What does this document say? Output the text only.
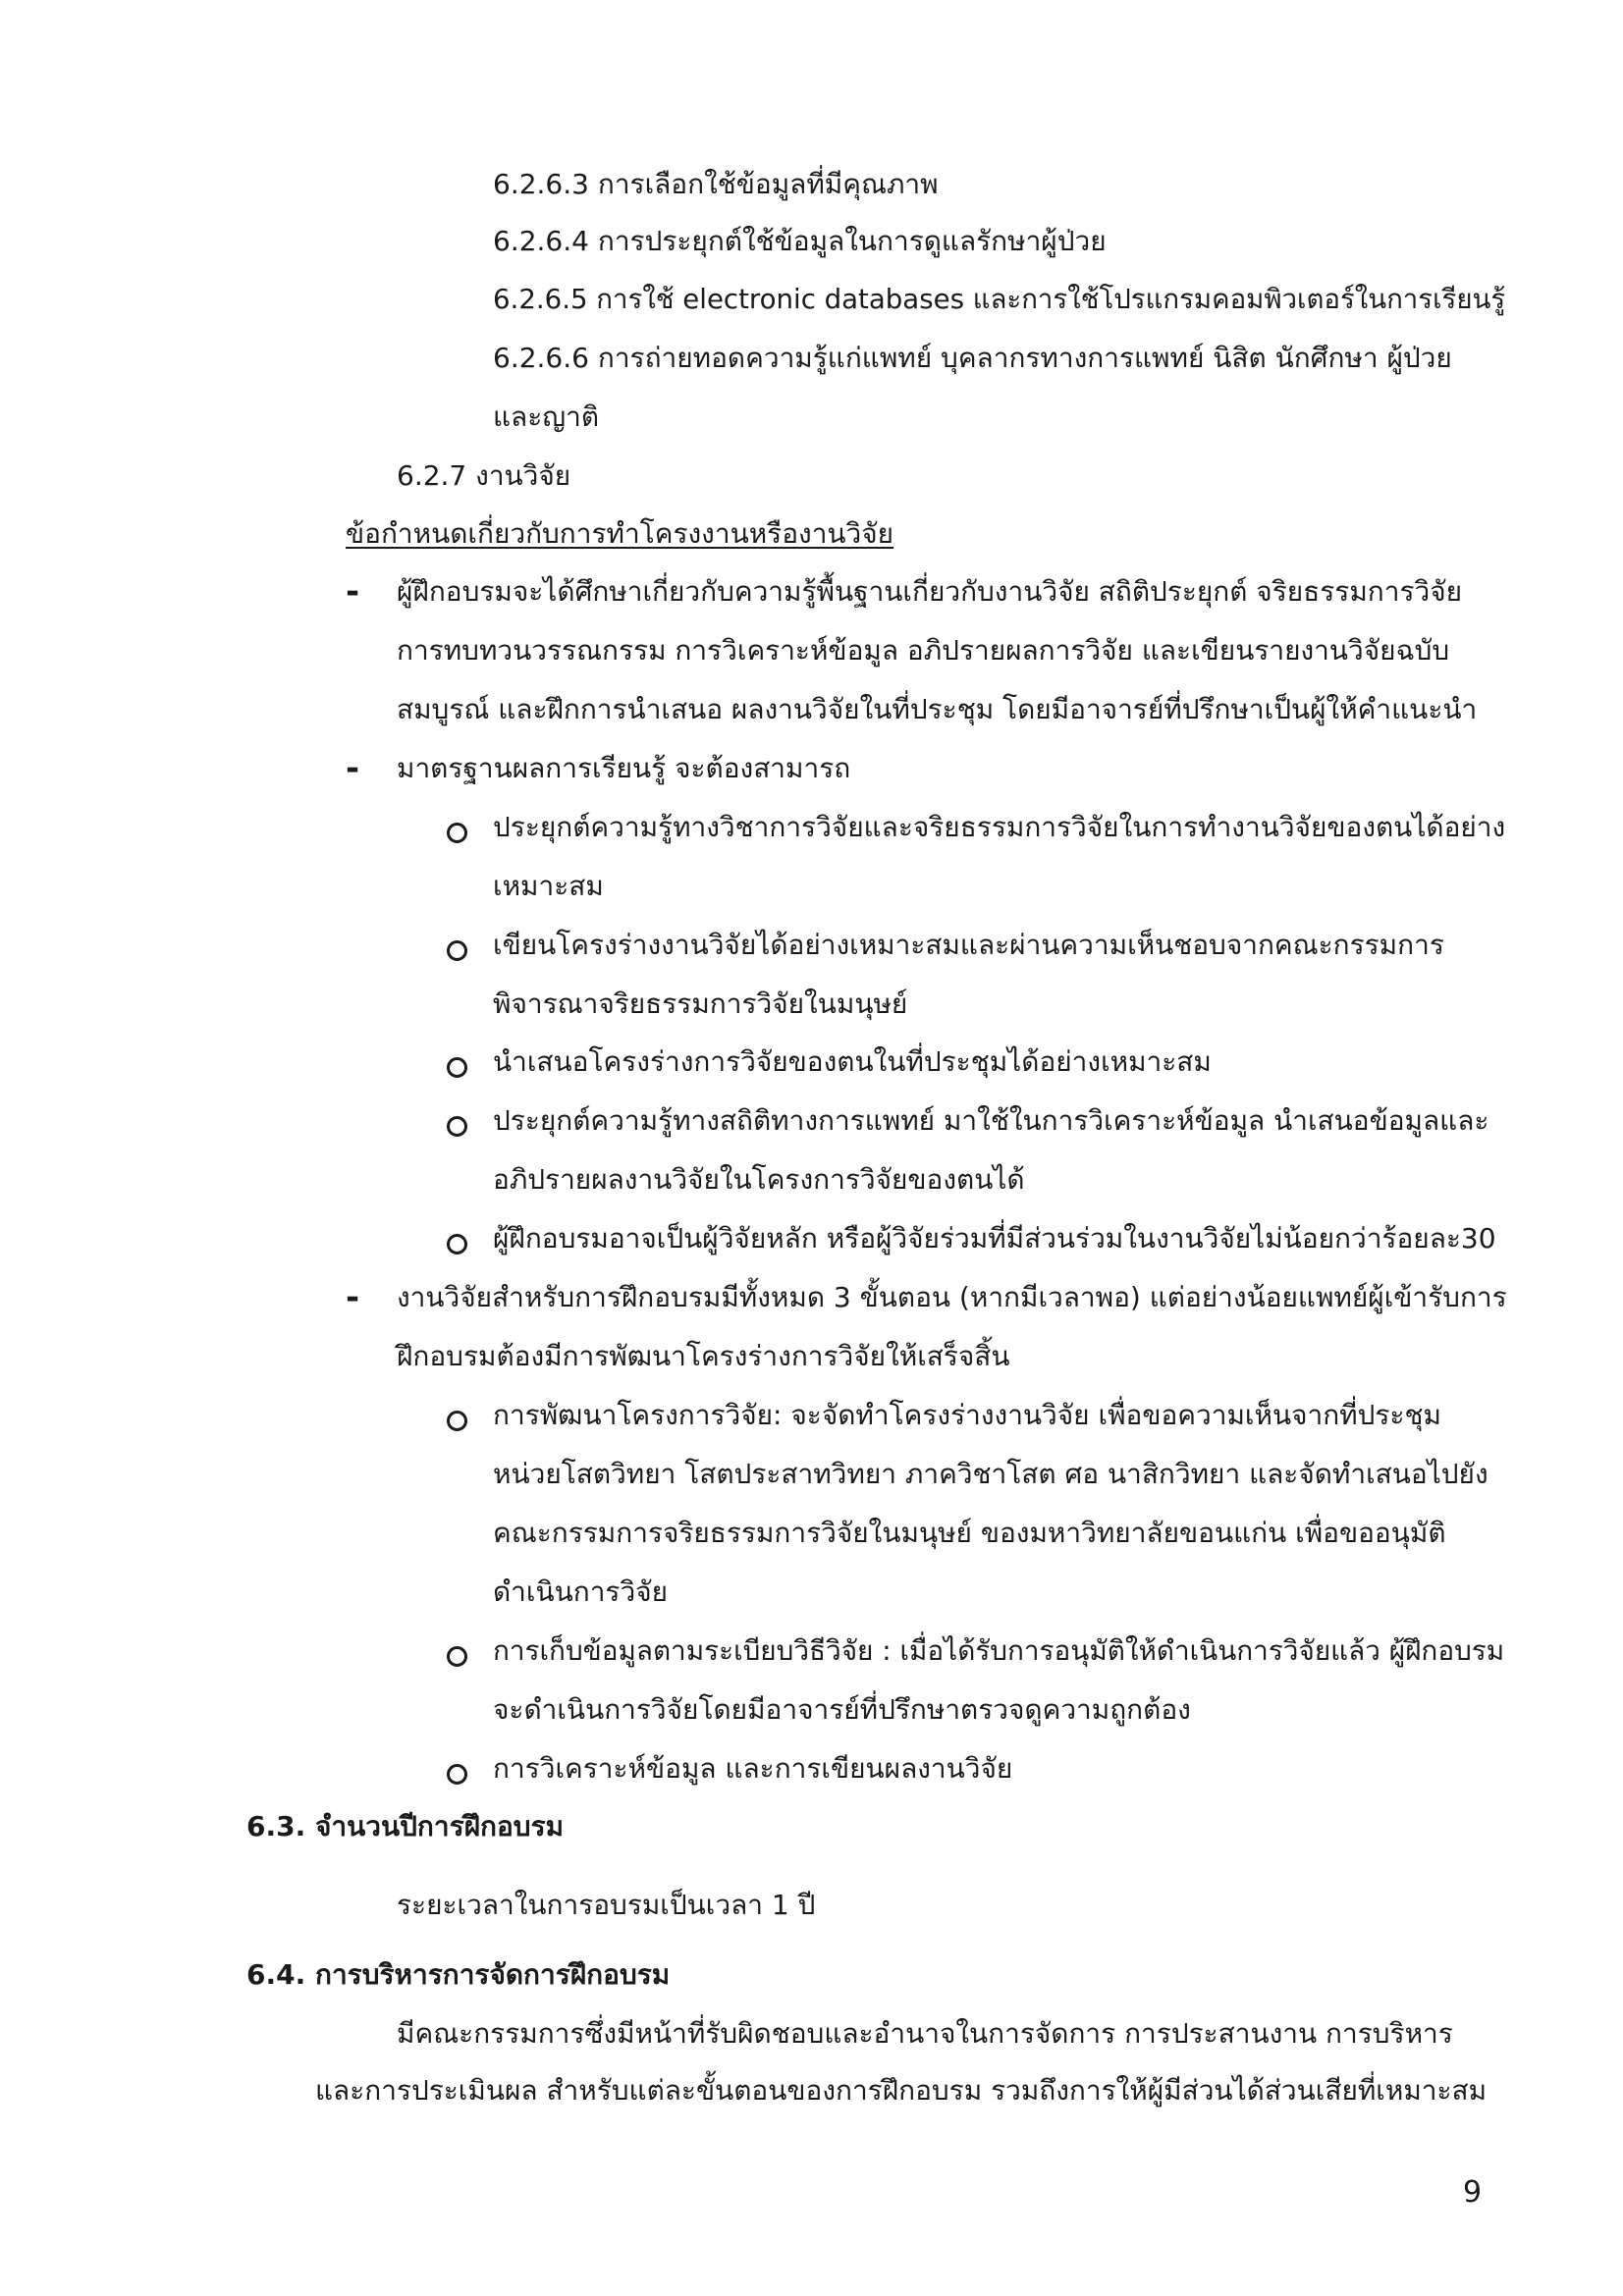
6.2.6.3 การเลือกใช้ข้อมูลที่มีคุณภาพ
6.2.6.4 การประยุกต์ใช้ข้อมูลในการดูแลรักษาผู้ป่วย
6.2.6.5 การใช้ electronic databases และการใช้โปรแกรมคอมพิวเตอร์ในการเรียนรู้
6.2.6.6 การถ่ายทอดความรู้แก่แพทย์ บุคลากรทางการแพทย์ นิสิต นักศึกษา ผู้ป่วย
และญาติ
6.2.7 งานวิจัย
ข้อกำหนดเกี่ยวกับการทำโครงงานหรืองานวิจัย
- ผู้ฝึกอบรมจะได้ศึกษาเกี่ยวกับความรู้พื้นฐานเกี่ยวกับงานวิจัย สถิติประยุกต์ จริยธรรมการวิจัย
การทบทวนวรรณกรรม การวิเคราะห์ข้อมูล อภิปรายผลการวิจัย และเขียนรายงานวิจัยฉบับ
สมบูรณ์ และฝึกการนำเสนอ ผลงานวิจัยในที่ประชุม โดยมีอาจารย์ที่ปรึกษาเป็นผู้ให้คำแนะนำ
- มาตรฐานผลการเรียนรู้ จะต้องสามารถ
ประยุกต์ความรู้ทางวิชาการวิจัยและจริยธรรมการวิจัยในการทำงานวิจัยของตนได้อย่าง
เหมาะสม
เขียนโครงร่างงานวิจัยได้อย่างเหมาะสมและผ่านความเห็นชอบจากคณะกรรมการ
พิจารณาจริยธรรมการวิจัยในมนุษย์
นำเสนอโครงร่างการวิจัยของตนในที่ประชุมได้อย่างเหมาะสม
ประยุกต์ความรู้ทางสถิติทางการแพทย์ มาใช้ในการวิเคราะห์ข้อมูล นำเสนอข้อมูลและ
อภิปรายผลงานวิจัยในโครงการวิจัยของตนได้
ผู้ฝึกอบรมอาจเป็นผู้วิจัยหลัก หรือผู้วิจัยร่วมที่มีส่วนร่วมในงานวิจัยไม่น้อยกว่าร้อยละ30
- งานวิจัยสำหรับการฝึกอบรมมีทั้งหมด 3 ขั้นตอน (หากมีเวลาพอ) แต่อย่างน้อยแพทย์ผู้เข้ารับการ
ฝึกอบรมต้องมีการพัฒนาโครงร่างการวิจัยให้เสร็จสิ้น
การพัฒนาโครงการวิจัย: จะจัดทำโครงร่างงานวิจัย เพื่อขอความเห็นจากที่ประชุม
หน่วยโสตวิทยา โสตประสาทวิทยา ภาควิชาโสต ศอ นาสิกวิทยา และจัดทำเสนอไปยัง
คณะกรรมการจริยธรรมการวิจัยในมนุษย์ ของมหาวิทยาลัยขอนแก่น เพื่อขออนุมัติ
ดำเนินการวิจัย
การเก็บข้อมูลตามระเบียบวิธีวิจัย : เมื่อได้รับการอนุมัติให้ดำเนินการวิจัยแล้ว ผู้ฝึกอบรม
จะดำเนินการวิจัยโดยมีอาจารย์ที่ปรึกษาตรวจดูความถูกต้อง
การวิเคราะห์ข้อมูล และการเขียนผลงานวิจัย
6.3. จำนวนปีการฝึกอบรม
ระยะเวลาในการอบรมเป็นเวลา 1 ปี
6.4. การบริหารการจัดการฝึกอบรม
มีคณะกรรมการซึ่งมีหน้าที่รับผิดชอบและอำนาจในการจัดการ การประสานงาน การบริหาร
และการประเมินผล สำหรับแต่ละขั้นตอนของการฝึกอบรม รวมถึงการให้ผู้มีส่วนได้ส่วนเสียที่เหมาะสม
9
